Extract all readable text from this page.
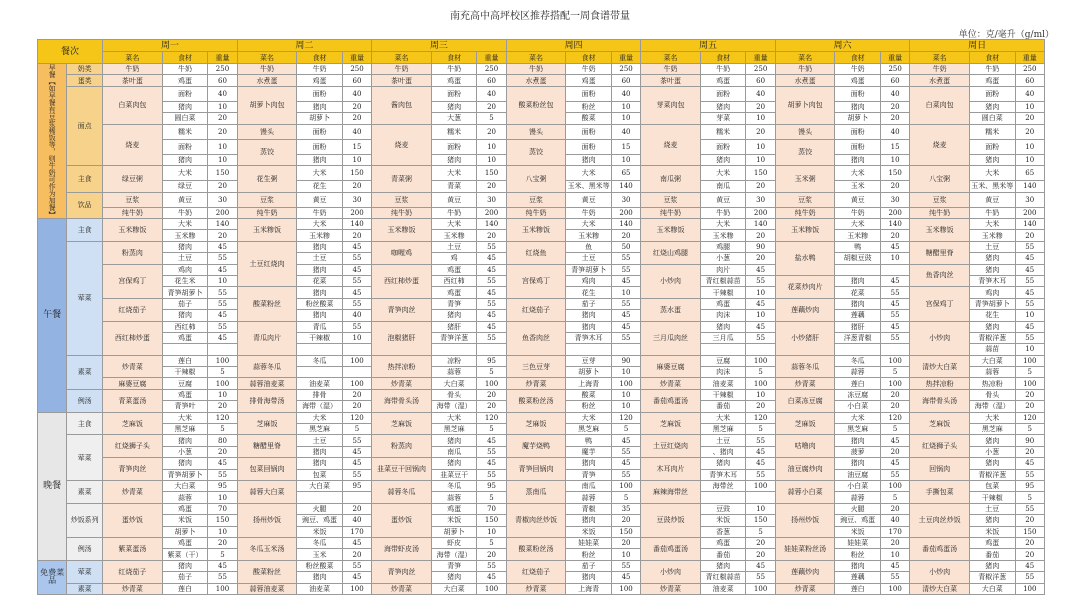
南充高中高坪校区推荐搭配一周食谱带量
单位：克/毫升（g/ml）
餐次		周一			周二			周三			周四			周五			周六			周日		
		菜名	食材	重量	菜名	食材	重量	菜名	食材	重量	菜名	食材	重量	菜名	食材	重量	菜名	食材	重量	菜名	食材	重量
早餐【如早餐有豆浆稀饭等，则牛奶可作为加餐】	奶类	牛奶	牛奶	250	牛奶	牛奶	250	牛奶	牛奶	250	牛奶	牛奶	250	牛奶	牛奶	250	牛奶	牛奶	250	牛奶	牛奶	250
	蛋类	茶叶蛋	鸡蛋	60	水煮蛋	鸡蛋	60	茶叶蛋	鸡蛋	60	水煮蛋	鸡蛋	60	茶叶蛋	鸡蛋	60	水煮蛋	鸡蛋	60	水煮蛋	鸡蛋	60
	面点	白菜肉包	面粉	40	胡萝卜肉包	面粉	40	酱肉包	面粉	40	酸菜粉丝包	面粉	40	芽菜肉包	面粉	40	胡萝卜肉包	面粉	40	白菜肉包	面粉	40
			猪肉	10		猪肉	20		猪肉	20		粉丝	10		猪肉	20		猪肉	20		猪肉	10
			圆白菜	20		胡萝卜	20		大葱	5		酸菜	10		芽菜	10		胡萝卜	20		圆白菜	20
		烧麦	糯米	20	馒头	面粉	40	烧麦	糯米	20	馒头	面粉	40	烧麦	糯米	20	馒头	面粉	40	烧麦	糯米	20
			面粉	10	蒸饺	面粉	15		面粉	10	蒸饺	面粉	15		面粉	10	蒸饺	面粉	15		面粉	10
			猪肉	10		猪肉	10		猪肉	10		猪肉	10		猪肉	10		猪肉	10		猪肉	10
	主食	绿豆粥	大米	150	花生粥	大米	150	青菜粥	大米	150	八宝粥	大米	65	南瓜粥	大米	150	玉米粥	大米	150	八宝粥	大米	65
			绿豆	20		花生	20		青菜	20		玉米、黑米等	140		南瓜	20		玉米	20		玉米、黑米等	140
	饮品	豆浆	黄豆	30	豆浆	黄豆	30	豆浆	黄豆	30	豆浆	黄豆	30	豆浆	黄豆	30	豆浆	黄豆	30	豆浆	黄豆	30
		纯牛奶	牛奶	200	纯牛奶	牛奶	200	纯牛奶	牛奶	200	纯牛奶	牛奶	200	纯牛奶	牛奶	200	纯牛奶	牛奶	200	纯牛奶	牛奶	200
午餐	主食	玉米糁饭	大米	140	玉米糁饭	大米	140	玉米糁饭	大米	140	玉米糁饭	大米	140	玉米糁饭	大米	140	玉米糁饭	大米	140	玉米糁饭	大米	140
			玉米糁	20		玉米糁	20		玉米糁	20		玉米糁	20		玉米糁	20		玉米糁	20		玉米糁	20
	荤菜	粉蒸肉	猪肉	45	土豆红烧肉	猪肉	45	咖喱鸡	土豆	55	红烧鱼	鱼	50	红烧山鸡腿	鸡腿	90	盐水鸭	鸭	45	糖醋里脊	土豆	55
			土豆	55		土豆	55		鸡	45		土豆	55		小葱	20		胡椒豆豉	10		猪肉	45
		宫保鸡丁	鸡肉	45		猪肉	45	西红柿炒蛋	鸡蛋	45	宫保鸡丁	青笋胡萝卜	55	小炒肉	肉片	45				鱼香肉丝	猪肉	45
			花生米	10		花菜	55		西红柿	55		鸡肉	45		青红椒蒜苗	55	花菜炒肉片	猪肉	45		青笋木耳	55
			青笋胡萝卜	55	酸菜粉丝	猪肉	45		鸡蛋	45		花生	10		干辣椒	10		花菜	55	宫保鸡丁	鸡肉	45
		红烧茄子	茄子	55		粉丝酸菜	55	青笋肉丝	青笋	55	红烧茄子	茄子	55	蒸水蛋	鸡蛋	45	莲藕炒肉	猪肉	45		青笋胡萝卜	55
			猪肉	45		猪肉	40		猪肉	45		猪肉	45		肉沫	10		莲藕	55		花生	10
		西红柿炒蛋	西红柿	55	青瓜肉片	青瓜	55	泡椒猪肝	猪肝	45	鱼香肉丝	猪肉	45	三月瓜肉丝	猪肉	45	小炒猪肝	猪肝	45	小炒肉	猪肉	45
			鸡蛋	45		干辣椒	10		青笋洋葱	55		青笋木耳	55		三月瓜	55		洋葱青椒	55		青椒洋葱	55
																					蒜苗	10
	素菜	炒青菜	莲白	100	蒜蓉冬瓜	冬瓜	100	热拌凉粉	凉粉	95	三色豆芽	豆芽	90	麻婆豆腐	豆腐	100	蒜蓉冬瓜	冬瓜	100	清炒大白菜	大白菜	100
			干辣椒	5					蒜蓉	5		胡萝卜	10		肉沫	5		蒜蓉	5		蒜蓉	5
		麻婆豆腐	豆腐	100	蒜蓉油麦菜	油麦菜	100	炒青菜	大白菜	100	炒青菜	上海青	100	炒青菜	油麦菜	100	炒青菜	莲白	100	热拌凉粉	热凉粉	100
	例汤	青菜蛋汤	鸡蛋	10	排骨海带汤	排骨	20	海带骨头汤	骨头	20	酸菜粉丝汤	酸菜	10	番茄鸡蛋汤	干辣椒	10	白菜冻豆腐	冻豆腐	20	海带骨头汤	骨头	20
			青笋叶	20		海带（湿）	20		海带（湿）	20		粉丝	10		番茄	20		小白菜	20		海带（湿）	20
晚餐	主食	芝麻饭	大米	120	芝麻饭	大米	120	芝麻饭	大米	120	芝麻饭	大米	120	芝麻饭	大米	120	芝麻饭	大米	120	芝麻饭	大米	120
			黑芝麻	5		黑芝麻	5		黑芝麻	5		黑芝麻	5		黑芝麻	5		黑芝麻	5		黑芝麻	5
	荤菜	红烧狮子头	猪肉	80	糖醋里脊	土豆	55	粉蒸肉	猪肉	45	魔芋烧鸭	鸭	45	土豆红烧肉	土豆	55	咕噜肉	猪肉	45	红烧狮子头	猪肉	90
			小葱	20		猪肉	45		南瓜	55		魔芋	55		、猪肉	45		菠萝	20		小葱	20
		青笋肉丝	猪肉	45	包菜回锅肉	猪肉	45	韭菜豆干回锅肉	猪肉	45	青笋回锅肉	猪肉	45	木耳肉片	猪肉	45	油豆腐炒肉	猪肉	45	回锅肉	猪肉	45
			青笋胡萝卜	55		包菜	55		韭菜豆干	55		青笋	55		青笋木耳	55		油豆腐	55		青椒洋葱	55
	素菜	炒青菜	大白菜	95	蒜蓉大白菜	大白菜	95	蒜蓉冬瓜	冬瓜	95	蒸南瓜	南瓜	100	麻辣海带丝	海带丝	100	蒜蓉小白菜	小白菜	100	手撕包菜	包菜	95
			蒜蓉	10					蒜蓉	5		蒜蓉	5					蒜蓉	5		干辣椒	5
	炒饭系列	蛋炒饭	鸡蛋	70	扬州炒饭	火腿	20	蛋炒饭	鸡蛋	70	青椒肉丝炒饭	青椒	35	豆豉炒饭	豆豉	10	扬州炒饭	火腿	20	土豆肉丝炒饭	土豆	55
			米饭	150		豌豆、鸡蛋	40		米饭	150		猪肉	20		米饭	150		豌豆、鸡蛋	40		猪肉	20
			胡萝卜	10		米饭	170		胡萝卜	10		米饭	150		香葱	5		米饭	170		米饭	150
	例汤	紫菜蛋汤	鸡蛋	20	冬瓜玉米汤	冬瓜	45	海带虾皮汤	虾皮	5	酸菜粉丝汤	娃娃菜	20	番茄鸡蛋汤	鸡蛋	20	娃娃菜粉丝汤	娃娃菜	20	番茄鸡蛋汤	鸡蛋	20
			紫菜（干）	5		玉米	20		海带（湿）	20		粉丝	10		番茄	20		粉丝	10		番茄	20
免费菜品	荤菜	红烧茄子	猪肉	45	酸菜粉丝	粉丝酸菜	55	青笋肉丝	青笋	55	红烧茄子	茄子	55	小炒肉	猪肉	45	莲藕炒肉	猪肉	45	小炒肉	猪肉	45
			茄子	55		猪肉	45		猪肉	45		猪肉	45		青红椒蒜苗	55		莲藕	55		青椒洋葱	55
	素菜	炒青菜	莲白	100	蒜蓉油麦菜	油麦菜	100	炒青菜	大白菜	100	炒青菜	上海青	100	炒青菜	油麦菜	100	炒青菜	莲白	100	清炒大白菜	大白菜	100
